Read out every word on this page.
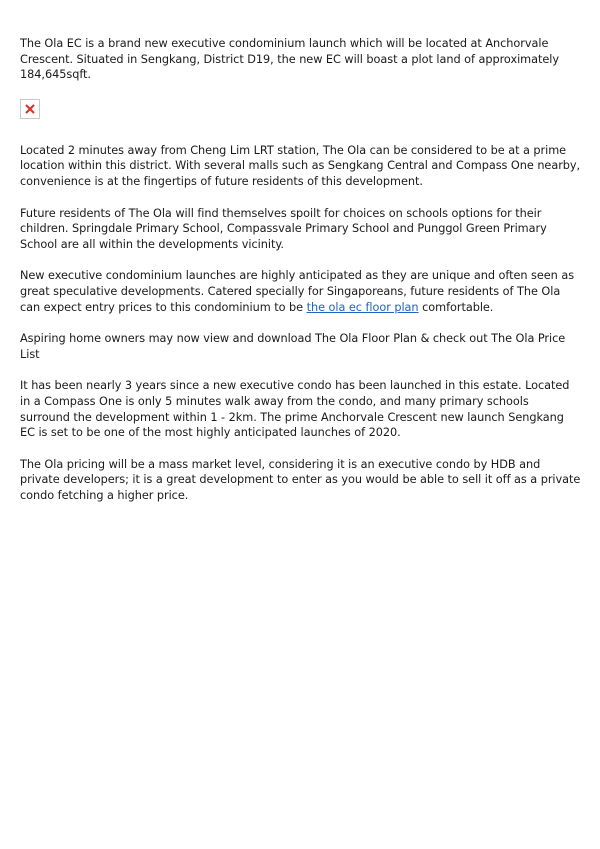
The Ola EC is a brand new executive condominium launch which will be located at Anchorvale Crescent. Situated in Sengkang, District D19, the new EC will boast a plot land of approximately 184,645sqft.

Located 2 minutes away from Cheng Lim LRT station, The Ola can be considered to be at a prime location within this district. With several malls such as Sengkang Central and Compass One nearby, convenience is at the fingertips of future residents of this development.

Future residents of The Ola will find themselves spoilt for choices on schools options for their children. Springdale Primary School, Compassvale Primary School and Punggol Green Primary School are all within the developments vicinity.

New executive condominium launches are highly anticipated as they are unique and often seen as great speculative developments. Catered specially for Singaporeans, future residents of The Ola can expect entry prices to this condominium to be the ola ec floor plan comfortable.

Aspiring home owners may now view and download The Ola Floor Plan & check out The Ola Price List

It has been nearly 3 years since a new executive condo has been launched in this estate. Located in a Compass One is only 5 minutes walk away from the condo, and many primary schools surround the development within 1 - 2km. The prime Anchorvale Crescent new launch Sengkang EC is set to be one of the most highly anticipated launches of 2020.

The Ola pricing will be a mass market level, considering it is an executive condo by HDB and private developers; it is a great development to enter as you would be able to sell it off as a private condo fetching a higher price.
